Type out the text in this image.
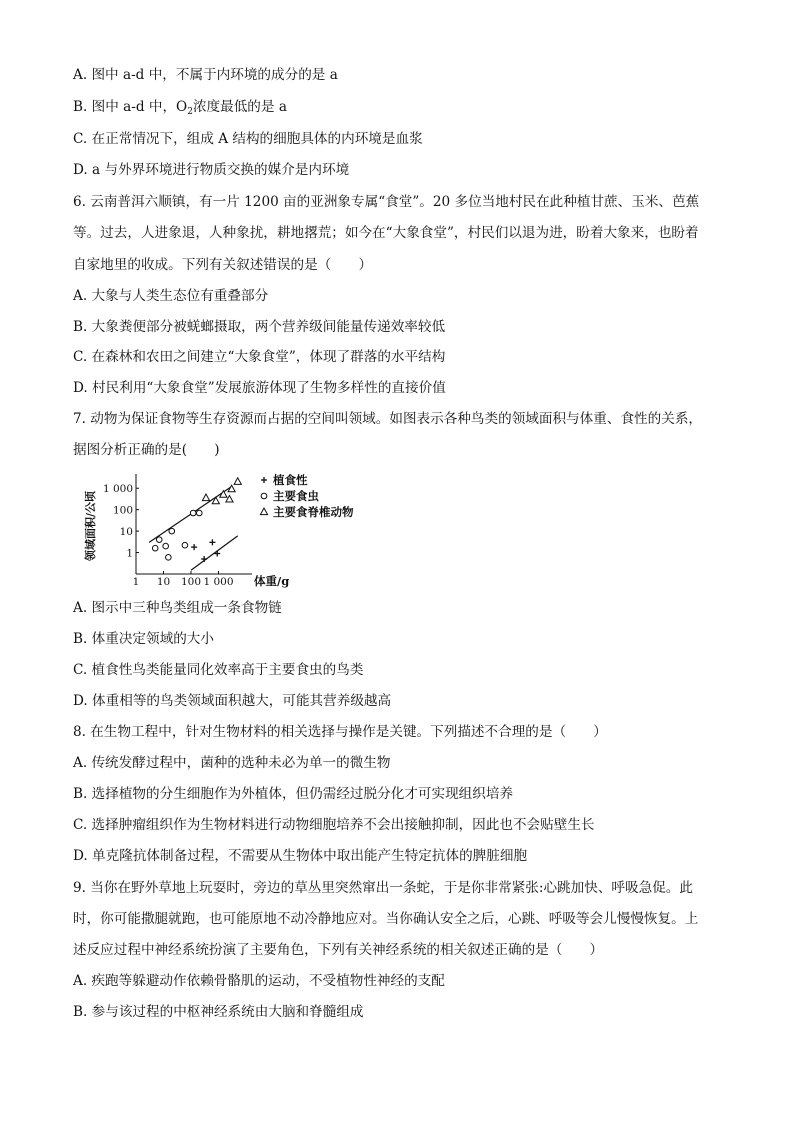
A. 图中 a-d 中，不属于内环境的成分的是 a
B. 图中 a-d 中，$O_2$浓度最低的是 a
C. 在正常情况下，组成 A 结构的细胞具体的内环境是血浆
D. a 与外界环境进行物质交换的媒介是内环境
6. 云南普洱六顺镇，有一片 1200 亩的亚洲象专属“食堂”。20 多位当地村民在此种植甘蔗、玉米、芭蕉
等。过去，人进象退，人种象扰，耕地撂荒；如今在“大象食堂”，村民们以退为进，盼着大象来，也盼着
自家地里的收成。下列有关叙述错误的是（　　）
A. 大象与人类生态位有重叠部分
B. 大象粪便部分被蜣螂摄取，两个营养级间能量传递效率较低
C. 在森林和农田之间建立“大象食堂”，体现了群落的水平结构
D. 村民利用“大象食堂”发展旅游体现了生物多样性的直接价值
7. 动物为保证食物等生存资源而占据的空间叫领域。如图表示各种鸟类的领域面积与体重、食性的关系，
据图分析正确的是(　　)
体重/g
领域面积/公顷
1 10 100 1 000
1
10
100
1 000
植食性
主要食虫
主要食脊椎动物
A. 图示中三种鸟类组成一条食物链
B. 体重决定领域的大小
C. 植食性鸟类能量同化效率高于主要食虫的鸟类
D. 体重相等的鸟类领域面积越大，可能其营养级越高
8. 在生物工程中，针对生物材料的相关选择与操作是关键。下列描述不合理的是（　　）
A. 传统发酵过程中，菌种的选种未必为单一的微生物
B. 选择植物的分生细胞作为外植体，但仍需经过脱分化才可实现组织培养
C. 选择肿瘤组织作为生物材料进行动物细胞培养不会出接触抑制，因此也不会贴壁生长
D. 单克隆抗体制备过程，不需要从生物体中取出能产生特定抗体的脾脏细胞
9. 当你在野外草地上玩耍时，旁边的草丛里突然窜出一条蛇，于是你非常紧张:心跳加快、呼吸急促。此
时，你可能撒腿就跑，也可能原地不动冷静地应对。当你确认安全之后，心跳、呼吸等会儿慢慢恢复。上
述反应过程中神经系统扮演了主要角色，下列有关神经系统的相关叙述正确的是（　　）
A. 疾跑等躲避动作依赖骨骼肌的运动，不受植物性神经的支配
B. 参与该过程的中枢神经系统由大脑和脊髓组成
